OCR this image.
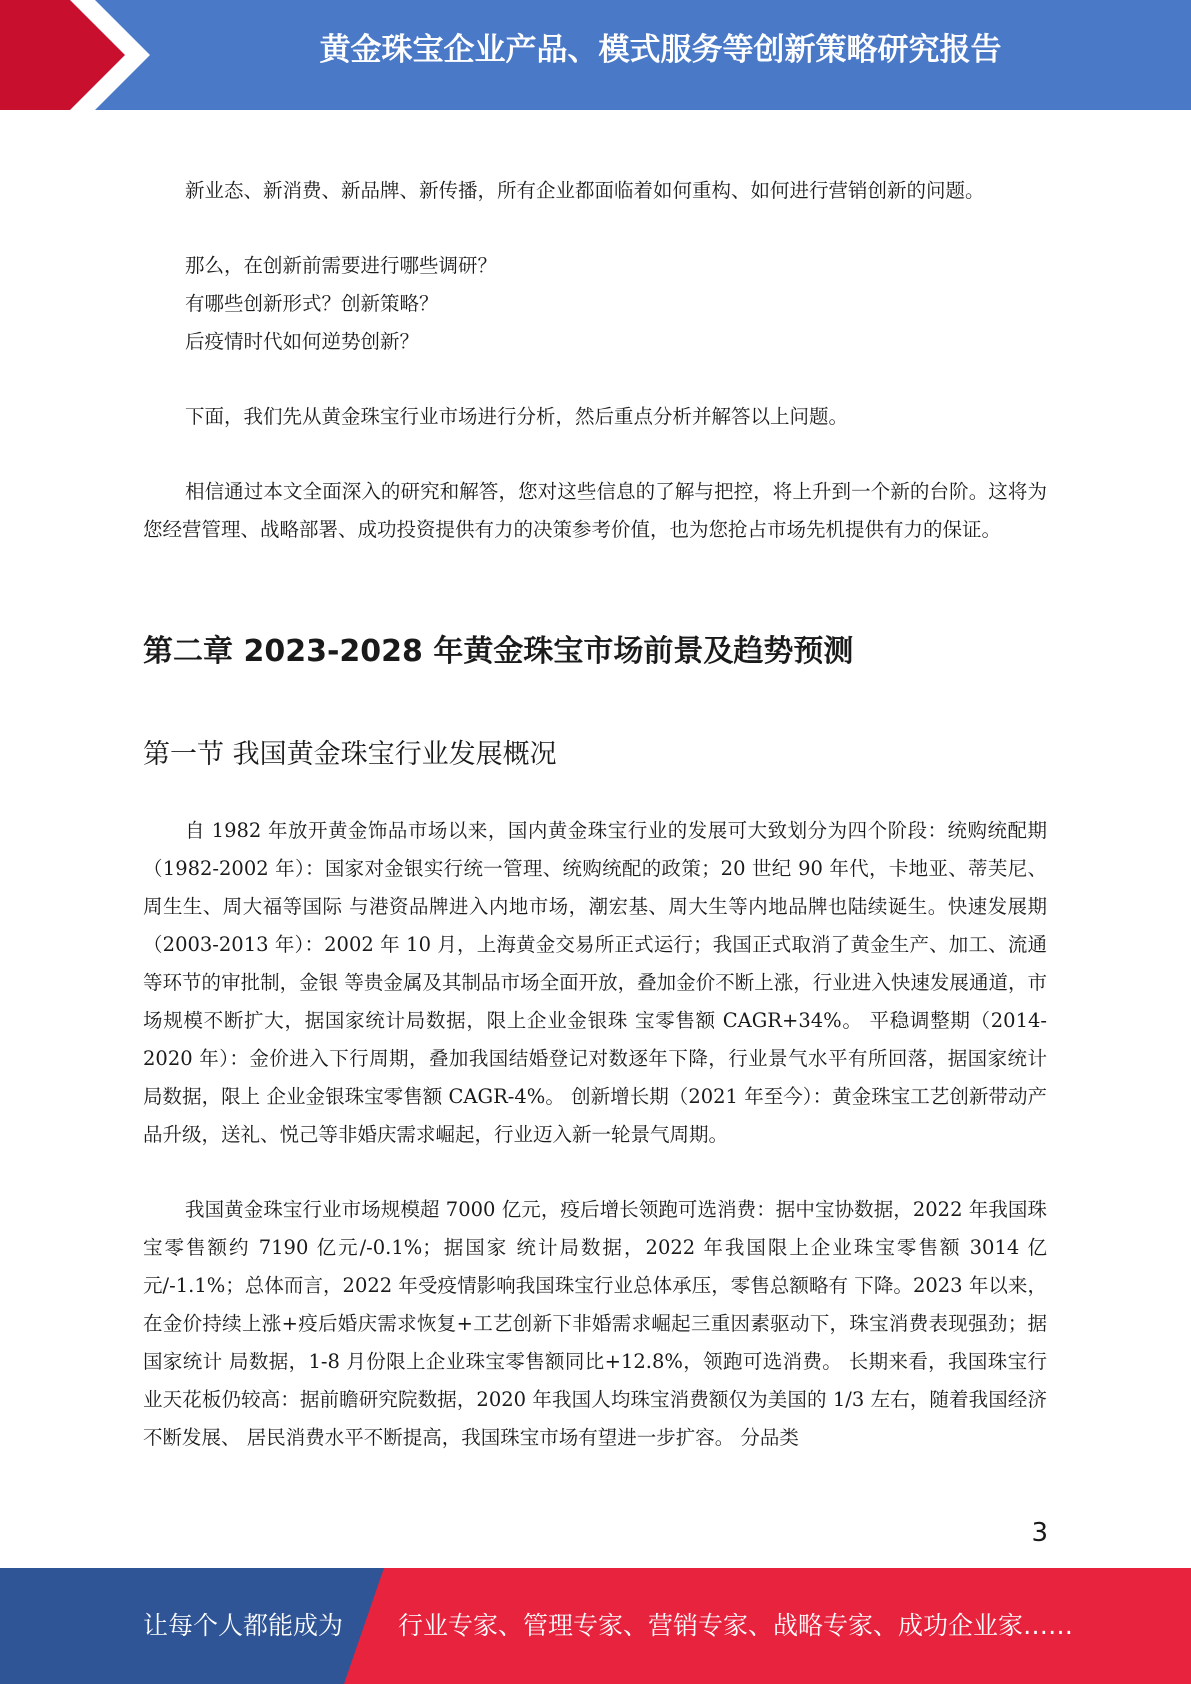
黄金珠宝企业产品、模式服务等创新策略研究报告

新业态、新消费、新品牌、新传播，所有企业都面临着如何重构、如何进行营销创新的问题。

那么，在创新前需要进行哪些调研？

有哪些创新形式？创新策略？

后疫情时代如何逆势创新？

下面，我们先从黄金珠宝行业市场进行分析，然后重点分析并解答以上问题。

相信通过本文全面深入的研究和解答，您对这些信息的了解与把控，将上升到一个新的台阶。这将为您经营管理、战略部署、成功投资提供有力的决策参考价值，也为您抢占市场先机提供有力的保证。

第二章 2023-2028 年黄金珠宝市场前景及趋势预测
第一节 我国黄金珠宝行业发展概况

自 1982 年放开黄金饰品市场以来，国内黄金珠宝行业的发展可大致划分为四个阶段：统购统配期（1982-2002 年）：国家对金银实行统一管理、统购统配的政策；20 世纪 90 年代，卡地亚、蒂芙尼、周生生、周大福等国际 与港资品牌进入内地市场，潮宏基、周大生等内地品牌也陆续诞生。快速发展期（2003-2013 年）：2002 年 10 月，上海黄金交易所正式运行；我国正式取消了黄金生产、加工、流通等环节的审批制，金银 等贵金属及其制品市场全面开放，叠加金价不断上涨，行业进入快速发展通道，市场规模不断扩大，据国家统计局数据，限上企业金银珠 宝零售额 CAGR+34%。 平稳调整期（2014-2020 年）：金价进入下行周期，叠加我国结婚登记对数逐年下降，行业景气水平有所回落，据国家统计局数据，限上 企业金银珠宝零售额 CAGR-4%。 创新增长期（2021 年至今）：黄金珠宝工艺创新带动产品升级，送礼、悦己等非婚庆需求崛起，行业迈入新一轮景气周期。

我国黄金珠宝行业市场规模超 7000 亿元，疫后增长领跑可选消费：据中宝协数据，2022 年我国珠宝零售额约 7190 亿元/-0.1%；据国家 统计局数据，2022 年我国限上企业珠宝零售额 3014 亿元/-1.1%；总体而言，2022 年受疫情影响我国珠宝行业总体承压，零售总额略有 下降。2023 年以来，在金价持续上涨+疫后婚庆需求恢复+工艺创新下非婚需求崛起三重因素驱动下，珠宝消费表现强劲；据国家统计 局数据，1-8 月份限上企业珠宝零售额同比+12.8%，领跑可选消费。 长期来看，我国珠宝行业天花板仍较高：据前瞻研究院数据，2020 年我国人均珠宝消费额仅为美国的 1/3 左右，随着我国经济不断发展、 居民消费水平不断提高，我国珠宝市场有望进一步扩容。 分品类

3
让每个人都能成为 行业专家、管理专家、营销专家、战略专家、成功企业家……
